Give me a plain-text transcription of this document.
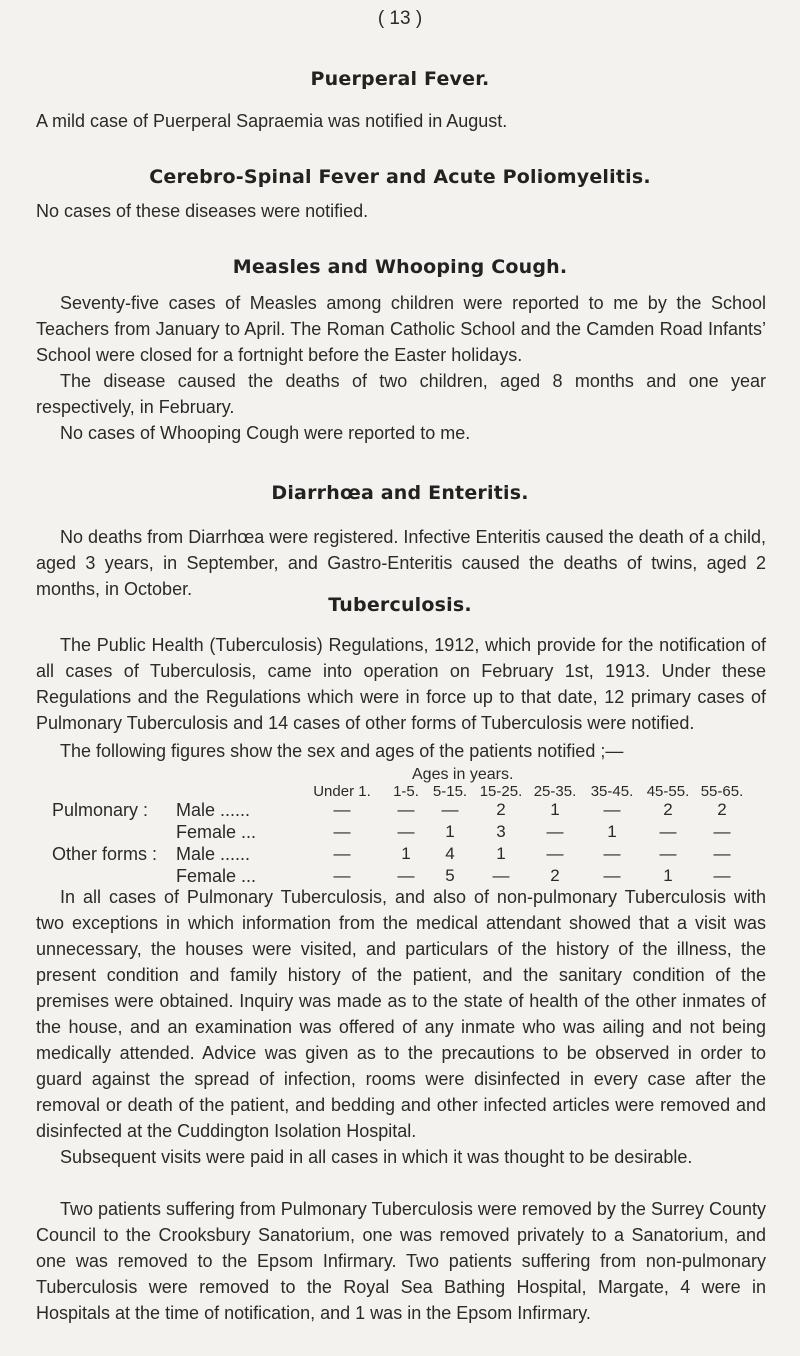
( 13 )
Puerperal Fever.
A mild case of Puerperal Sapraemia was notified in August.
Cerebro-Spinal Fever and Acute Poliomyelitis.
No cases of these diseases were notified.
Measles and Whooping Cough.
Seventy-five cases of Measles among children were reported to me by the School Teachers from January to April. The Roman Catholic School and the Camden Road Infants’ School were closed for a fortnight before the Easter holidays.
The disease caused the deaths of two children, aged 8 months and one year respectively, in February.
No cases of Whooping Cough were reported to me.
Diarrhœa and Enteritis.
No deaths from Diarrhœa were registered. Infective Enteritis caused the death of a child, aged 3 years, in September, and Gastro-Enteritis caused the deaths of twins, aged 2 months, in October.
Tuberculosis.
The Public Health (Tuberculosis) Regulations, 1912, which provide for the notification of all cases of Tuberculosis, came into operation on February 1st, 1913. Under these Regulations and the Regulations which were in force up to that date, 12 primary cases of Pulmonary Tuberculosis and 14 cases of other forms of Tuberculosis were notified.
The following figures show the sex and ages of the patients notified ;—
Ages in years.
Under 1.	1-5. 5-15. 15-25. 25-35. 35-45. 45-55. 55-65.
Pulmonary : Male ......	—	—	—	2	1	—	2	2
Female ...	—	—	1	3	—	1	—	—
Other forms : Male ......	—	1	4	1	—	—	—	—
Female ...	—	—	5	—	2	—	1	—
In all cases of Pulmonary Tuberculosis, and also of non-pulmonary Tuberculosis with two exceptions in which information from the medical attendant showed that a visit was unnecessary, the houses were visited, and particulars of the history of the illness, the present condition and family history of the patient, and the sanitary condition of the premises were obtained. Inquiry was made as to the state of health of the other inmates of the house, and an examination was offered of any inmate who was ailing and not being medically attended. Advice was given as to the precautions to be observed in order to guard against the spread of infection, rooms were disinfected in every case after the removal or death of the patient, and bedding and other infected articles were removed and disinfected at the Cuddington Isolation Hospital.
Subsequent visits were paid in all cases in which it was thought to be desirable.
Two patients suffering from Pulmonary Tuberculosis were removed by the Surrey County Council to the Crooksbury Sanatorium, one was removed privately to a Sanatorium, and one was removed to the Epsom Infirmary. Two patients suffering from non-pulmonary Tuberculosis were removed to the Royal Sea Bathing Hospital, Margate, 4 were in Hospitals at the time of notification, and 1 was in the Epsom Infirmary.
